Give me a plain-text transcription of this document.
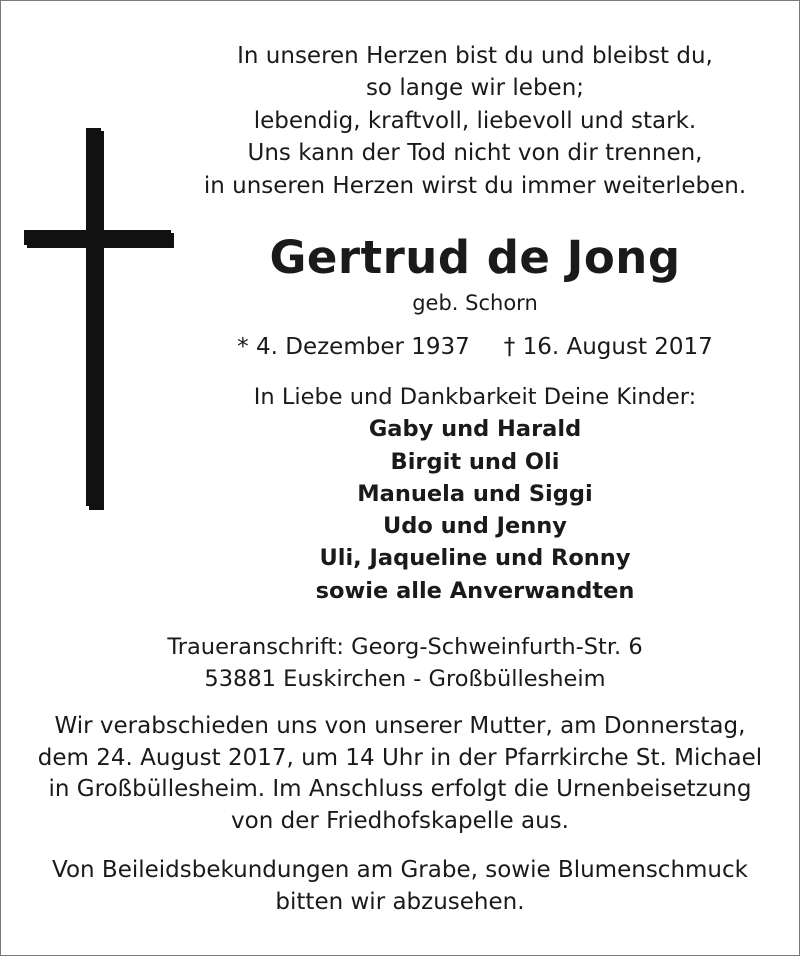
In unseren Herzen bist du und bleibst du,
so lange wir leben;
lebendig, kraftvoll, liebevoll und stark.
Uns kann der Tod nicht von dir trennen,
in unseren Herzen wirst du immer weiterleben.
Gertrud de Jong
geb. Schorn
* 4. Dezember 1937 † 16. August 2017
In Liebe und Dankbarkeit Deine Kinder:
Gaby und Harald
Birgit und Oli
Manuela und Siggi
Udo und Jenny
Uli, Jaqueline und Ronny
sowie alle Anverwandten
Traueranschrift: Georg-Schweinfurth-Str. 6
53881 Euskirchen - Großbüllesheim
Wir verabschieden uns von unserer Mutter, am Donnerstag,
dem 24. August 2017, um 14 Uhr in der Pfarrkirche St. Michael
in Großbüllesheim. Im Anschluss erfolgt die Urnenbeisetzung
von der Friedhofskapelle aus.
Von Beileidsbekundungen am Grabe, sowie Blumenschmuck
bitten wir abzusehen.
